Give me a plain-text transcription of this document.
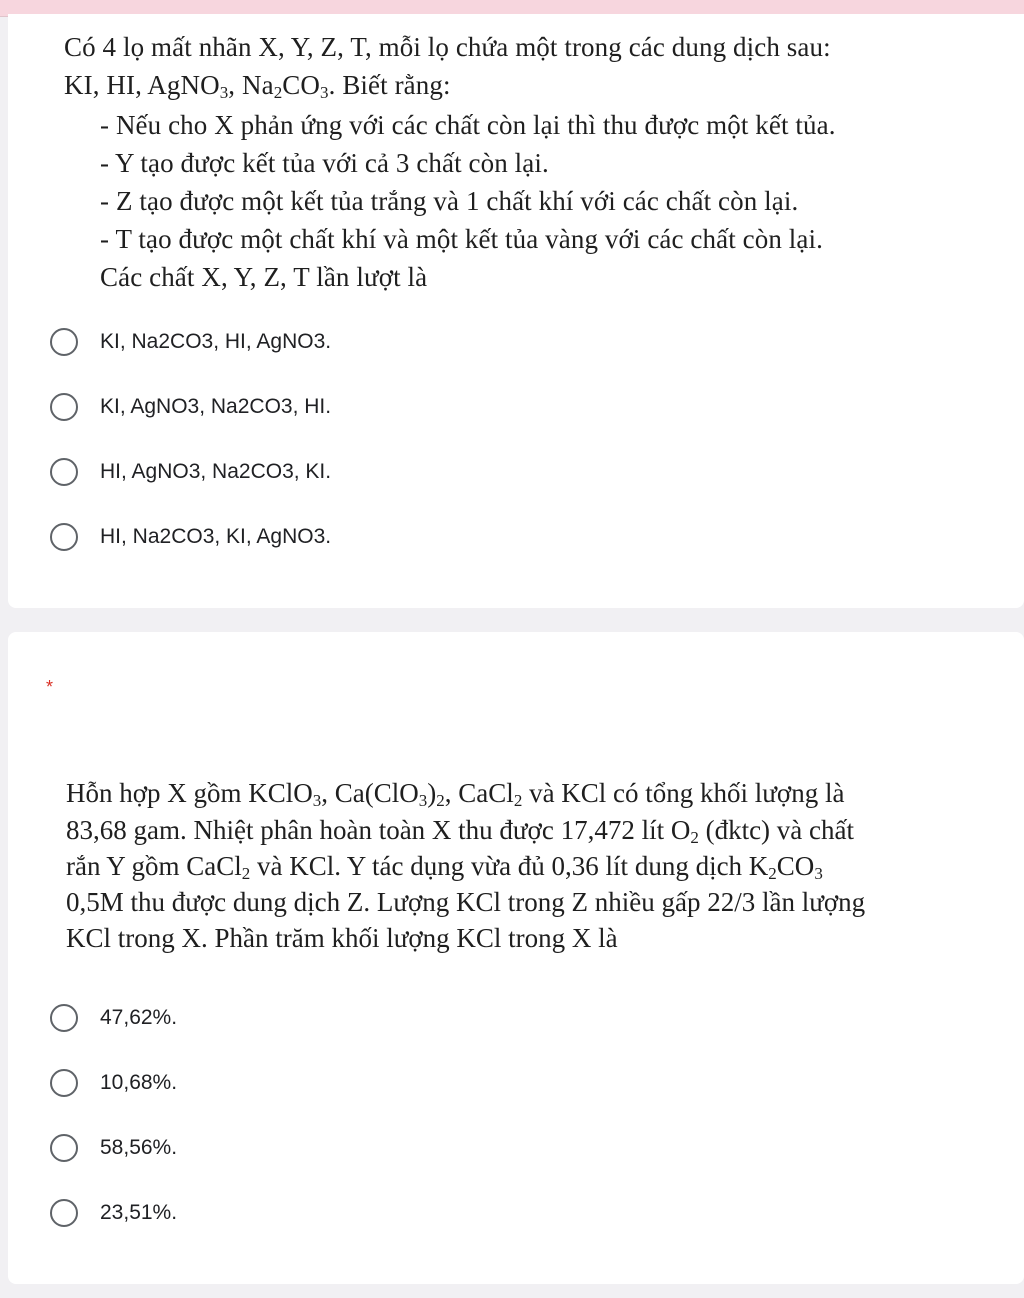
Có 4 lọ mất nhãn X, Y, Z, T, mỗi lọ chứa một trong các dung dịch sau:
KI, HI, AgNO$_3$, $Na_2CO_3$. Biết rằng:
- Nếu cho X phản ứng với các chất còn lại thì thu được một kết tủa.
- Y tạo được kết tủa với cả 3 chất còn lại.
- Z tạo được một kết tủa trắng và 1 chất khí với các chất còn lại.
- T tạo được một chất khí và một kết tủa vàng với các chất còn lại.
Các chất X, Y, Z, T lần lượt là
KI, Na2CO3, HI, AgNO3.
KI, AgNO3, Na2CO3, HI.
HI, AgNO3, Na2CO3, KI.
HI, Na2CO3, KI, AgNO3.
*
Hỗn hợp X gồm KClO$_3$, $Ca(ClO_3)_2$, CaCl$_2$ và KCl có tổng khối lượng là
83,68 gam. Nhiệt phân hoàn toàn X thu được 17,472 lít $O_2$ (đktc) và chất
rắn Y gồm CaCl$_2$ và KCl. Y tác dụng vừa đủ 0,36 lít dung dịch $K_2CO_3$
0,5M thu được dung dịch Z. Lượng KCl trong Z nhiều gấp 22/3 lần lượng
KCl trong X. Phần trăm khối lượng KCl trong X là
47,62%.
10,68%.
58,56%.
23,51%.
